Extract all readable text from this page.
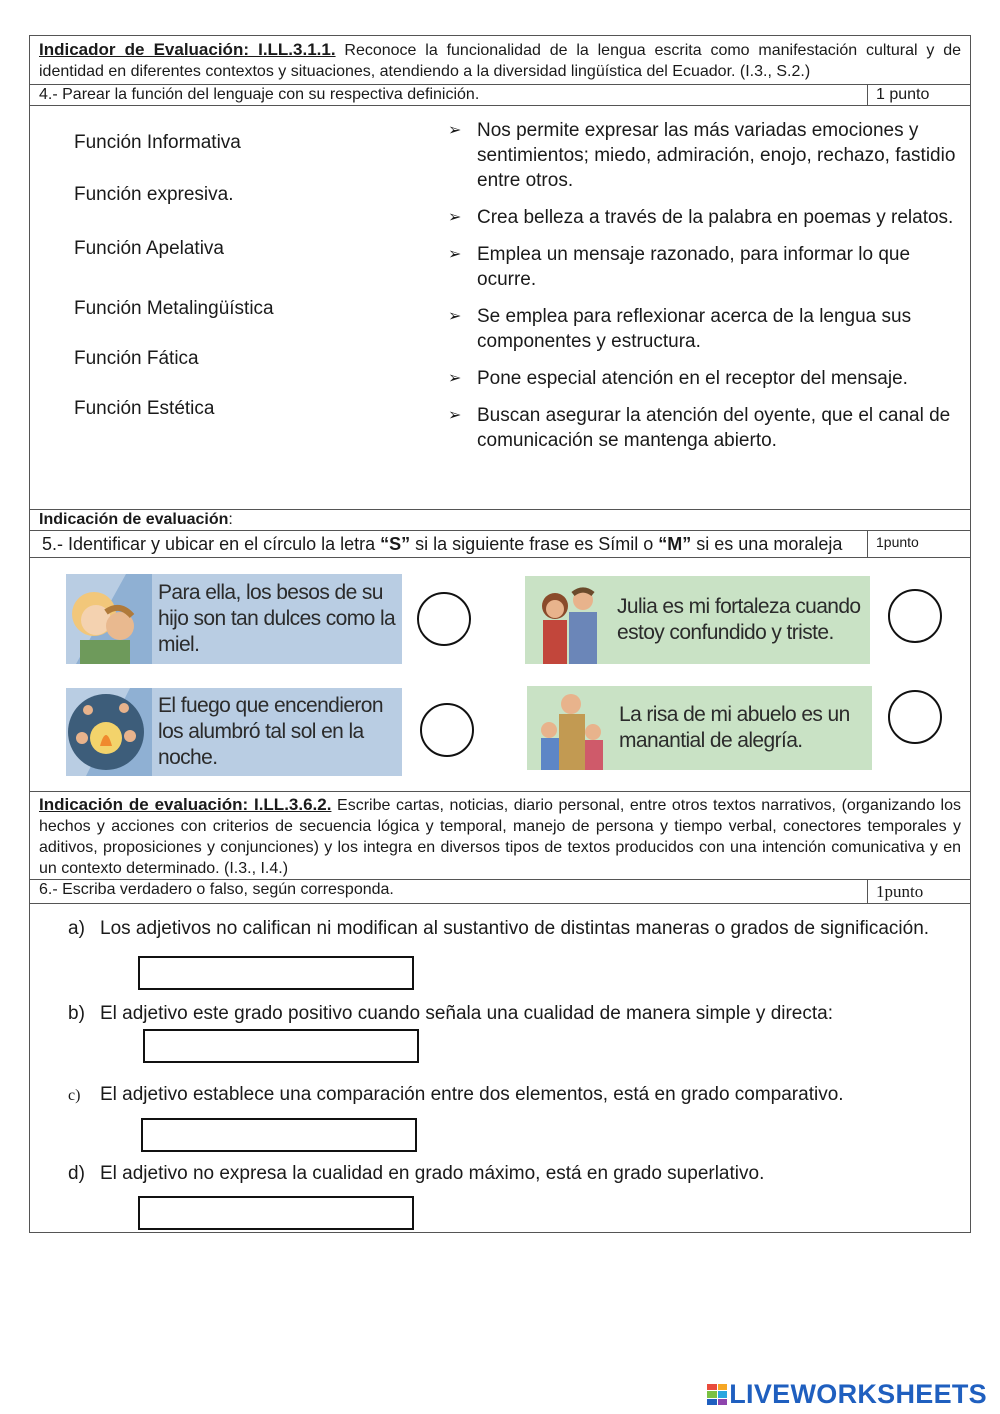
Indicador de Evaluación: I.LL.3.1.1. Reconoce la funcionalidad de la lengua escrita como manifestación cultural y de identidad en diferentes contextos y situaciones, atendiendo a la diversidad lingüística del Ecuador. (I.3., S.2.)
4.- Parear la función del lenguaje con su respectiva definición.	1 punto
Función Informativa
Función expresiva.
Función Apelativa
Función Metalingüística
Función Fática
Función Estética
➢ Nos permite expresar las más variadas emociones y sentimientos; miedo, admiración, enojo, rechazo, fastidio entre otros.
➢ Crea belleza a través de la palabra en poemas y relatos.
➢ Emplea un mensaje razonado, para informar lo que ocurre.
➢ Se emplea para reflexionar acerca de la lengua sus componentes y estructura.
➢ Pone especial atención en el receptor del mensaje.
➢ Buscan asegurar la atención del oyente, que el canal de comunicación se mantenga abierto.
Indicación de evaluación:
5.- Identificar y ubicar en el círculo la letra “S” si la siguiente frase es Símil o “M” si es una moraleja	1punto
Para ella, los besos de su hijo son tan dulces como la miel.
Julia es mi fortaleza cuando estoy confundido y triste.
El fuego que encendieron los alumbró tal sol en la noche.
La risa de mi abuelo es un manantial de alegría.
Indicación de evaluación: I.LL.3.6.2. Escribe cartas, noticias, diario personal, entre otros textos narrativos, (organizando los hechos y acciones con criterios de secuencia lógica y temporal, manejo de persona y tiempo verbal, conectores temporales y aditivos, proposiciones y conjunciones) y los integra en diversos tipos de textos producidos con una intención comunicativa y en un contexto determinado. (I.3., I.4.)
6.- Escriba verdadero o falso, según corresponda.	1punto
a) Los adjetivos no califican ni modifican al sustantivo de distintas maneras o grados de significación.
b) El adjetivo este grado positivo cuando señala una cualidad de manera simple y directa:
c)	El adjetivo establece una comparación entre dos elementos, está en grado comparativo.
d) El adjetivo no expresa la cualidad en grado máximo, está en grado superlativo.
LIVEWORKSHEETS
